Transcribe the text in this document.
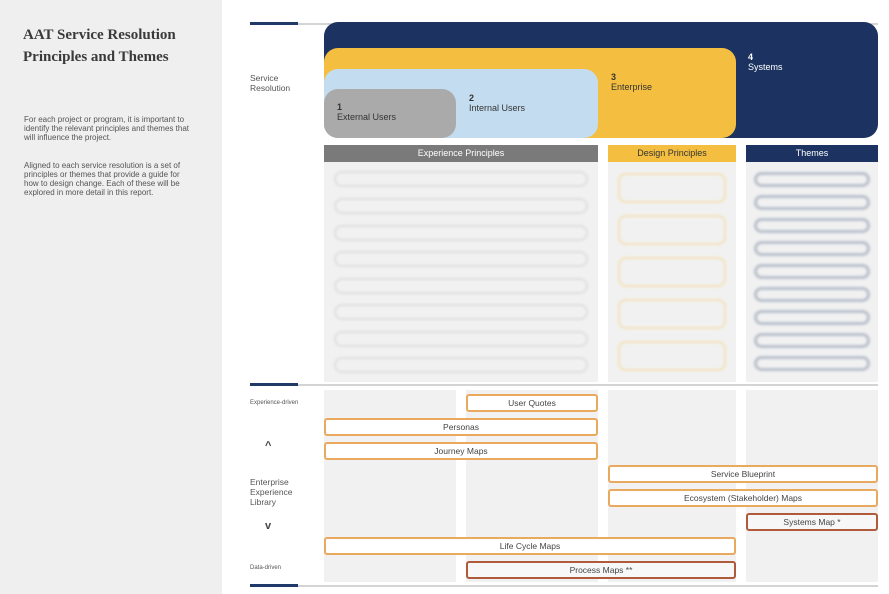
AAT Service Resolution Principles and Themes
For each project or program, it is important to identify the relevant principles and themes that will influence the project.
Aligned to each service resolution is a set of principles or themes that provide a guide for how to design change. Each of these will be explored in more detail in this report.
Service Resolution
4
Systems
3
Enterprise
2
Internal Users
1
External Users
Experience Principles	Design Principles	Themes
Experience-driven
^
Enterprise Experience Library
v
Data-driven
User Quotes
Personas
Journey Maps
Service Blueprint
Ecosystem (Stakeholder) Maps
Systems Map *
Life Cycle Maps
Process Maps **
